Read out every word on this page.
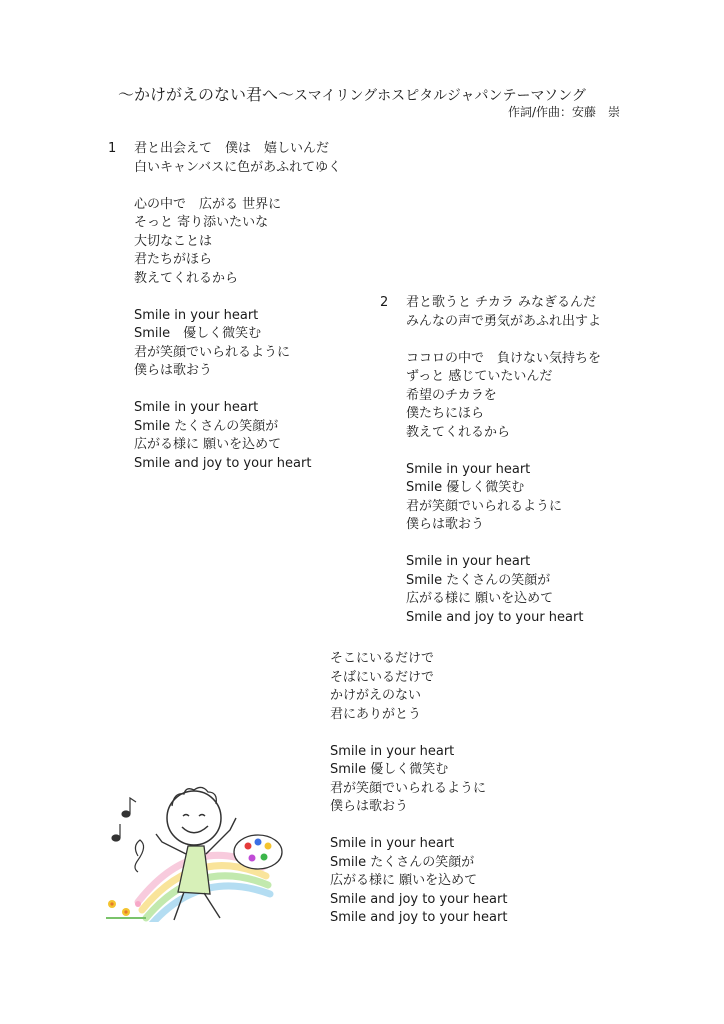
～かけがえのない君へ～スマイリングホスピタルジャパンテーマソング
作詞/作曲：安藤　崇
1 君と出会えて　僕は　嬉しいんだ
白いキャンバスに色があふれてゆく
心の中で　広がる 世界に
そっと 寄り添いたいな
大切なことは
君たちがほら
教えてくれるから
Smile in your heart
Smile　優しく微笑む
君が笑顔でいられるように
僕らは歌おう
Smile in your heart
Smile たくさんの笑顔が
広がる様に 願いを込めて
Smile and joy to your heart
2 君と歌うと チカラ みなぎるんだ
みんなの声で勇気があふれ出すよ
ココロの中で　負けない気持ちを
ずっと 感じていたいんだ
希望のチカラを
僕たちにほら
教えてくれるから
Smile in your heart
Smile 優しく微笑む
君が笑顔でいられるように
僕らは歌おう
Smile in your heart
Smile たくさんの笑顔が
広がる様に 願いを込めて
Smile and joy to your heart
そこにいるだけで
そばにいるだけで
かけがえのない
君にありがとう
Smile in your heart
Smile 優しく微笑む
君が笑顔でいられるように
僕らは歌おう
Smile in your heart
Smile たくさんの笑顔が
広がる様に 願いを込めて
Smile and joy to your heart
Smile and joy to your heart
